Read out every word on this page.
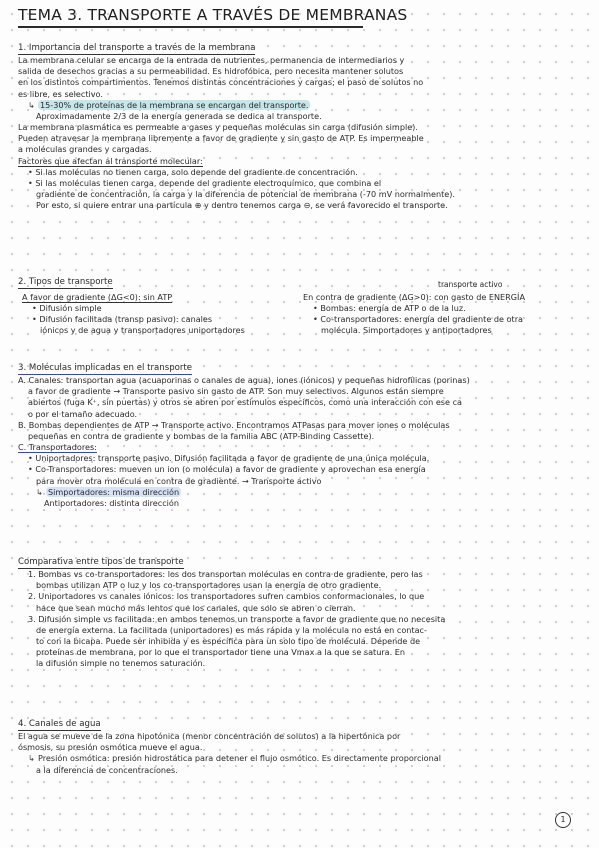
TEMA 3. TRANSPORTE A TRAVÉS DE MEMBRANAS
1. Importancia del transporte a través de la membrana
La membrana celular se encarga de la entrada de nutrientes, permanencia de intermediarios y
salida de desechos gracias a su permeabilidad. Es hidrofóbica, pero necesita mantener solutos
en los distintos compartimentos. Tenemos distintas concentraciones y cargas; el paso de solutos no
es libre, es selectivo.
↳ 15-30% de proteínas de la membrana se encargan del transporte.
Aproximadamente 2/3 de la energía generada se dedica al transporte.
La membrana plasmática es permeable a gases y pequeñas moléculas sin carga (difusión simple).
Pueden atravesar la membrana libremente a favor de gradiente y sin gasto de ATP. Es impermeable
a moléculas grandes y cargadas.
Factores que afectan al transporte molecular:
• Si las moléculas no tienen carga, solo depende del gradiente de concentración.
• Si las moléculas tienen carga, depende del gradiente electroquímico, que combina el
gradiente de concentración, la carga y la diferencia de potencial de membrana (-70 mV normalmente).
Por esto, si quiere entrar una partícula ⊕ y dentro tenemos carga ⊖, se verá favorecido el transporte.
2. Tipos de transporte
A favor de gradiente (ΔG<0): sin ATP
• Difusión simple
• Difusión facilitada (transp pasivo): canales
iónicos y de agua y transportadores uniportadores
transporte activo
En contra de gradiente (ΔG>0): con gasto de ENERGÍA
• Bombas: energía de ATP o de la luz.
• Co-transportadores: energía del gradiente de otra
molécula. Simportadores y antiportadores
3. Moléculas implicadas en el transporte
A. Canales: transportan agua (acuaporinas o canales de agua), iones (iónicos) y pequeñas hidrofílicas (porinas)
a favor de gradiente → Transporte pasivo sin gasto de ATP. Son muy selectivos. Algunos están siempre
abiertos (fuga K⁺, sin puertas) y otros se abren por estímulos específicos, como una interacción con ese ca
o por el tamaño adecuado.
B. Bombas dependientes de ATP → Transporte activo. Encontramos ATPasas para mover iones o moléculas
pequeñas en contra de gradiente y bombas de la familia ABC (ATP-Binding Cassette).
C. Transportadores:
• Uniportadores: transporte pasivo. Difusión facilitada a favor de gradiente de una única molécula.
• Co-Transportadores: mueven un ion (o molécula) a favor de gradiente y aprovechan esa energía
para mover otra molécula en contra de gradiente. → Transporte activo
↳ Simportadores: misma dirección
Antiportadores: distinta dirección
Comparativa entre tipos de transporte
1. Bombas vs co-transportadores: los dos transportan moléculas en contra de gradiente, pero las
bombas utilizan ATP o luz y los co-transportadores usan la energía de otro gradiente.
2. Uniportadores vs canales iónicos: los transportadores sufren cambios conformacionales, lo que
hace que sean mucho más lentos que los canales, que solo se abren o cierran.
3. Difusión simple vs facilitada: en ambos tenemos un transporte a favor de gradiente que no necesita
de energía externa. La facilitada (uniportadores) es más rápida y la molécula no está en contac-
to con la bicapa. Puede ser inhibida y es específica para un solo tipo de molécula. Depende de
proteínas de membrana, por lo que el transportador tiene una Vmax a la que se satura. En
la difusión simple no tenemos saturación.
4. Canales de agua
El agua se mueve de la zona hipotónica (menor concentración de solutos) a la hipertónica por
ósmosis, su presión osmótica mueve el agua.
↳ Presión osmótica: presión hidrostática para detener el flujo osmótico. Es directamente proporcional
a la diferencia de concentraciones.
1
